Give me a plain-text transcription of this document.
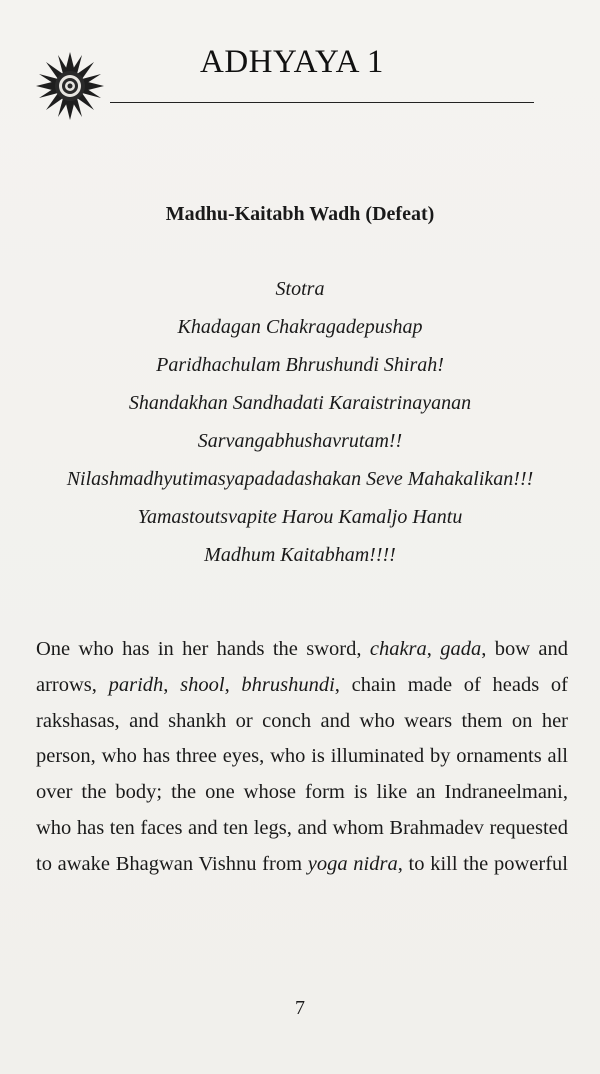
ADHYAYA 1
Madhu-Kaitabh Wadh (Defeat)
Stotra
Khadagan Chakragadepushap
Paridhachulam Bhrushundi Shirah!
Shandakhan Sandhadati Karaistrinayanan
Sarvangabhushavrutam!!
Nilashmadhyutimasyapadadashakan Seve Mahakalikan!!!
Yamastoutsvapite Harou Kamaljo Hantu
Madhum Kaitabham!!!!
One who has in her hands the sword, chakra, gada, bow and
arrows, paridh, shool, bhrushundi, chain made of heads of
rakshasas, and shankh or conch and who wears them on her
person, who has three eyes, who is illuminated by ornaments all
over the body; the one whose form is like an Indraneelmani,
who has ten faces and ten legs, and whom Brahmadev requested
to awake Bhagwan Vishnu from yoga nidra, to kill the powerful
7
